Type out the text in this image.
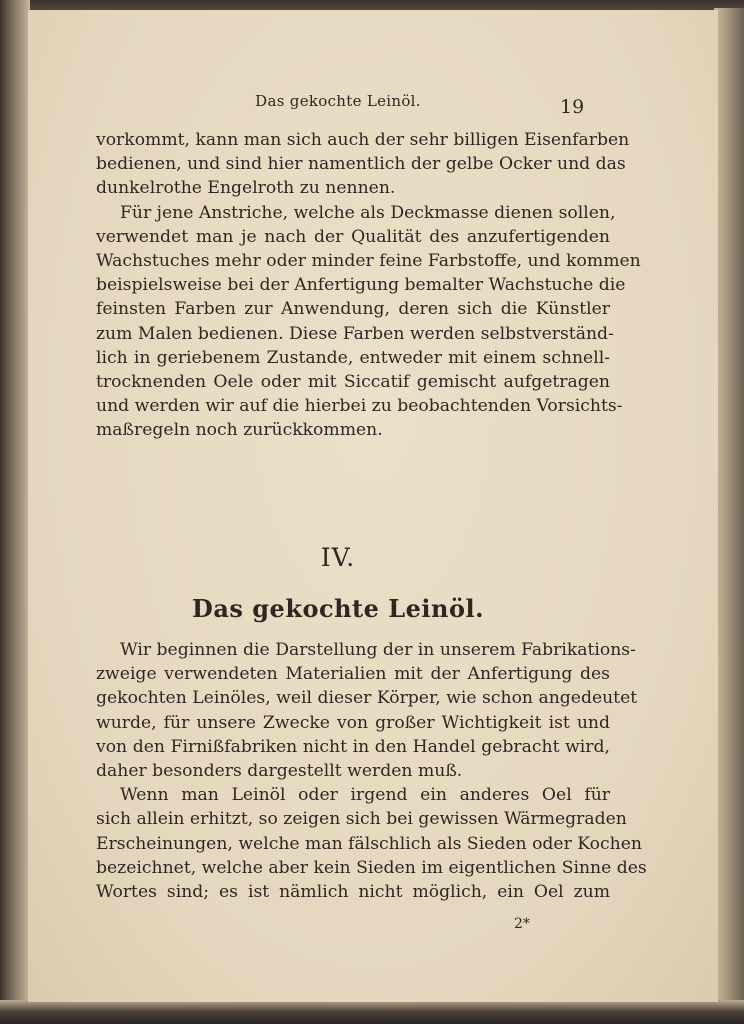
Das gekochte Leinöl.	19
vorkommt, kann man sich auch der sehr billigen Eisenfarben
bedienen, und sind hier namentlich der gelbe Ocker und das
dunkelrothe Engelroth zu nennen.
Für jene Anstriche, welche als Deckmasse dienen sollen,
verwendet man je nach der Qualität des anzufertigenden
Wachstuches mehr oder minder feine Farbstoffe, und kommen
beispielsweise bei der Anfertigung bemalter Wachstuche die
feinsten Farben zur Anwendung, deren sich die Künstler
zum Malen bedienen. Diese Farben werden selbstverständ-
lich in geriebenem Zustande, entweder mit einem schnell-
trocknenden Oele oder mit Siccatif gemischt aufgetragen
und werden wir auf die hierbei zu beobachtenden Vorsichts-
maßregeln noch zurückkommen.
IV.
Das gekochte Leinöl.
Wir beginnen die Darstellung der in unserem Fabrikations-
zweige verwendeten Materialien mit der Anfertigung des
gekochten Leinöles, weil dieser Körper, wie schon angedeutet
wurde, für unsere Zwecke von großer Wichtigkeit ist und
von den Firnißfabriken nicht in den Handel gebracht wird,
daher besonders dargestellt werden muß.
Wenn man Leinöl oder irgend ein anderes Oel für
sich allein erhitzt, so zeigen sich bei gewissen Wärmegraden
Erscheinungen, welche man fälschlich als Sieden oder Kochen
bezeichnet, welche aber kein Sieden im eigentlichen Sinne des
Wortes sind; es ist nämlich nicht möglich, ein Oel zum
2*
